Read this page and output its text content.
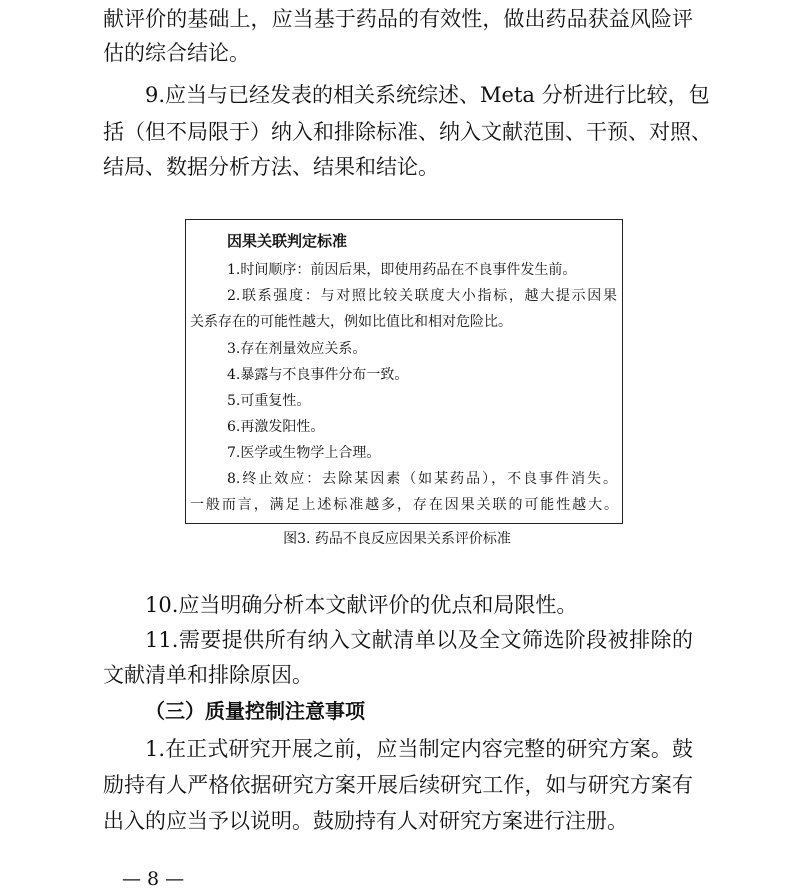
献评价的基础上，应当基于药品的有效性，做出药品获益风险评
估的综合结论。
9.应当与已经发表的相关系统综述、Meta 分析进行比较，包
括（但不局限于）纳入和排除标准、纳入文献范围、干预、对照、
结局、数据分析方法、结果和结论。
因果关联判定标准
1.时间顺序：前因后果，即使用药品在不良事件发生前。
2.联系强度：与对照比较关联度大小指标，越大提示因果
关系存在的可能性越大，例如比值比和相对危险比。
3.存在剂量效应关系。
4.暴露与不良事件分布一致。
5.可重复性。
6.再激发阳性。
7.医学或生物学上合理。
8.终止效应：去除某因素（如某药品），不良事件消失。
一般而言，满足上述标准越多，存在因果关联的可能性越大。
图3. 药品不良反应因果关系评价标准
10.应当明确分析本文献评价的优点和局限性。
11.需要提供所有纳入文献清单以及全文筛选阶段被排除的
文献清单和排除原因。
（三）质量控制注意事项
1.在正式研究开展之前，应当制定内容完整的研究方案。鼓
励持有人严格依据研究方案开展后续研究工作，如与研究方案有
出入的应当予以说明。鼓励持有人对研究方案进行注册。
— 8 —
